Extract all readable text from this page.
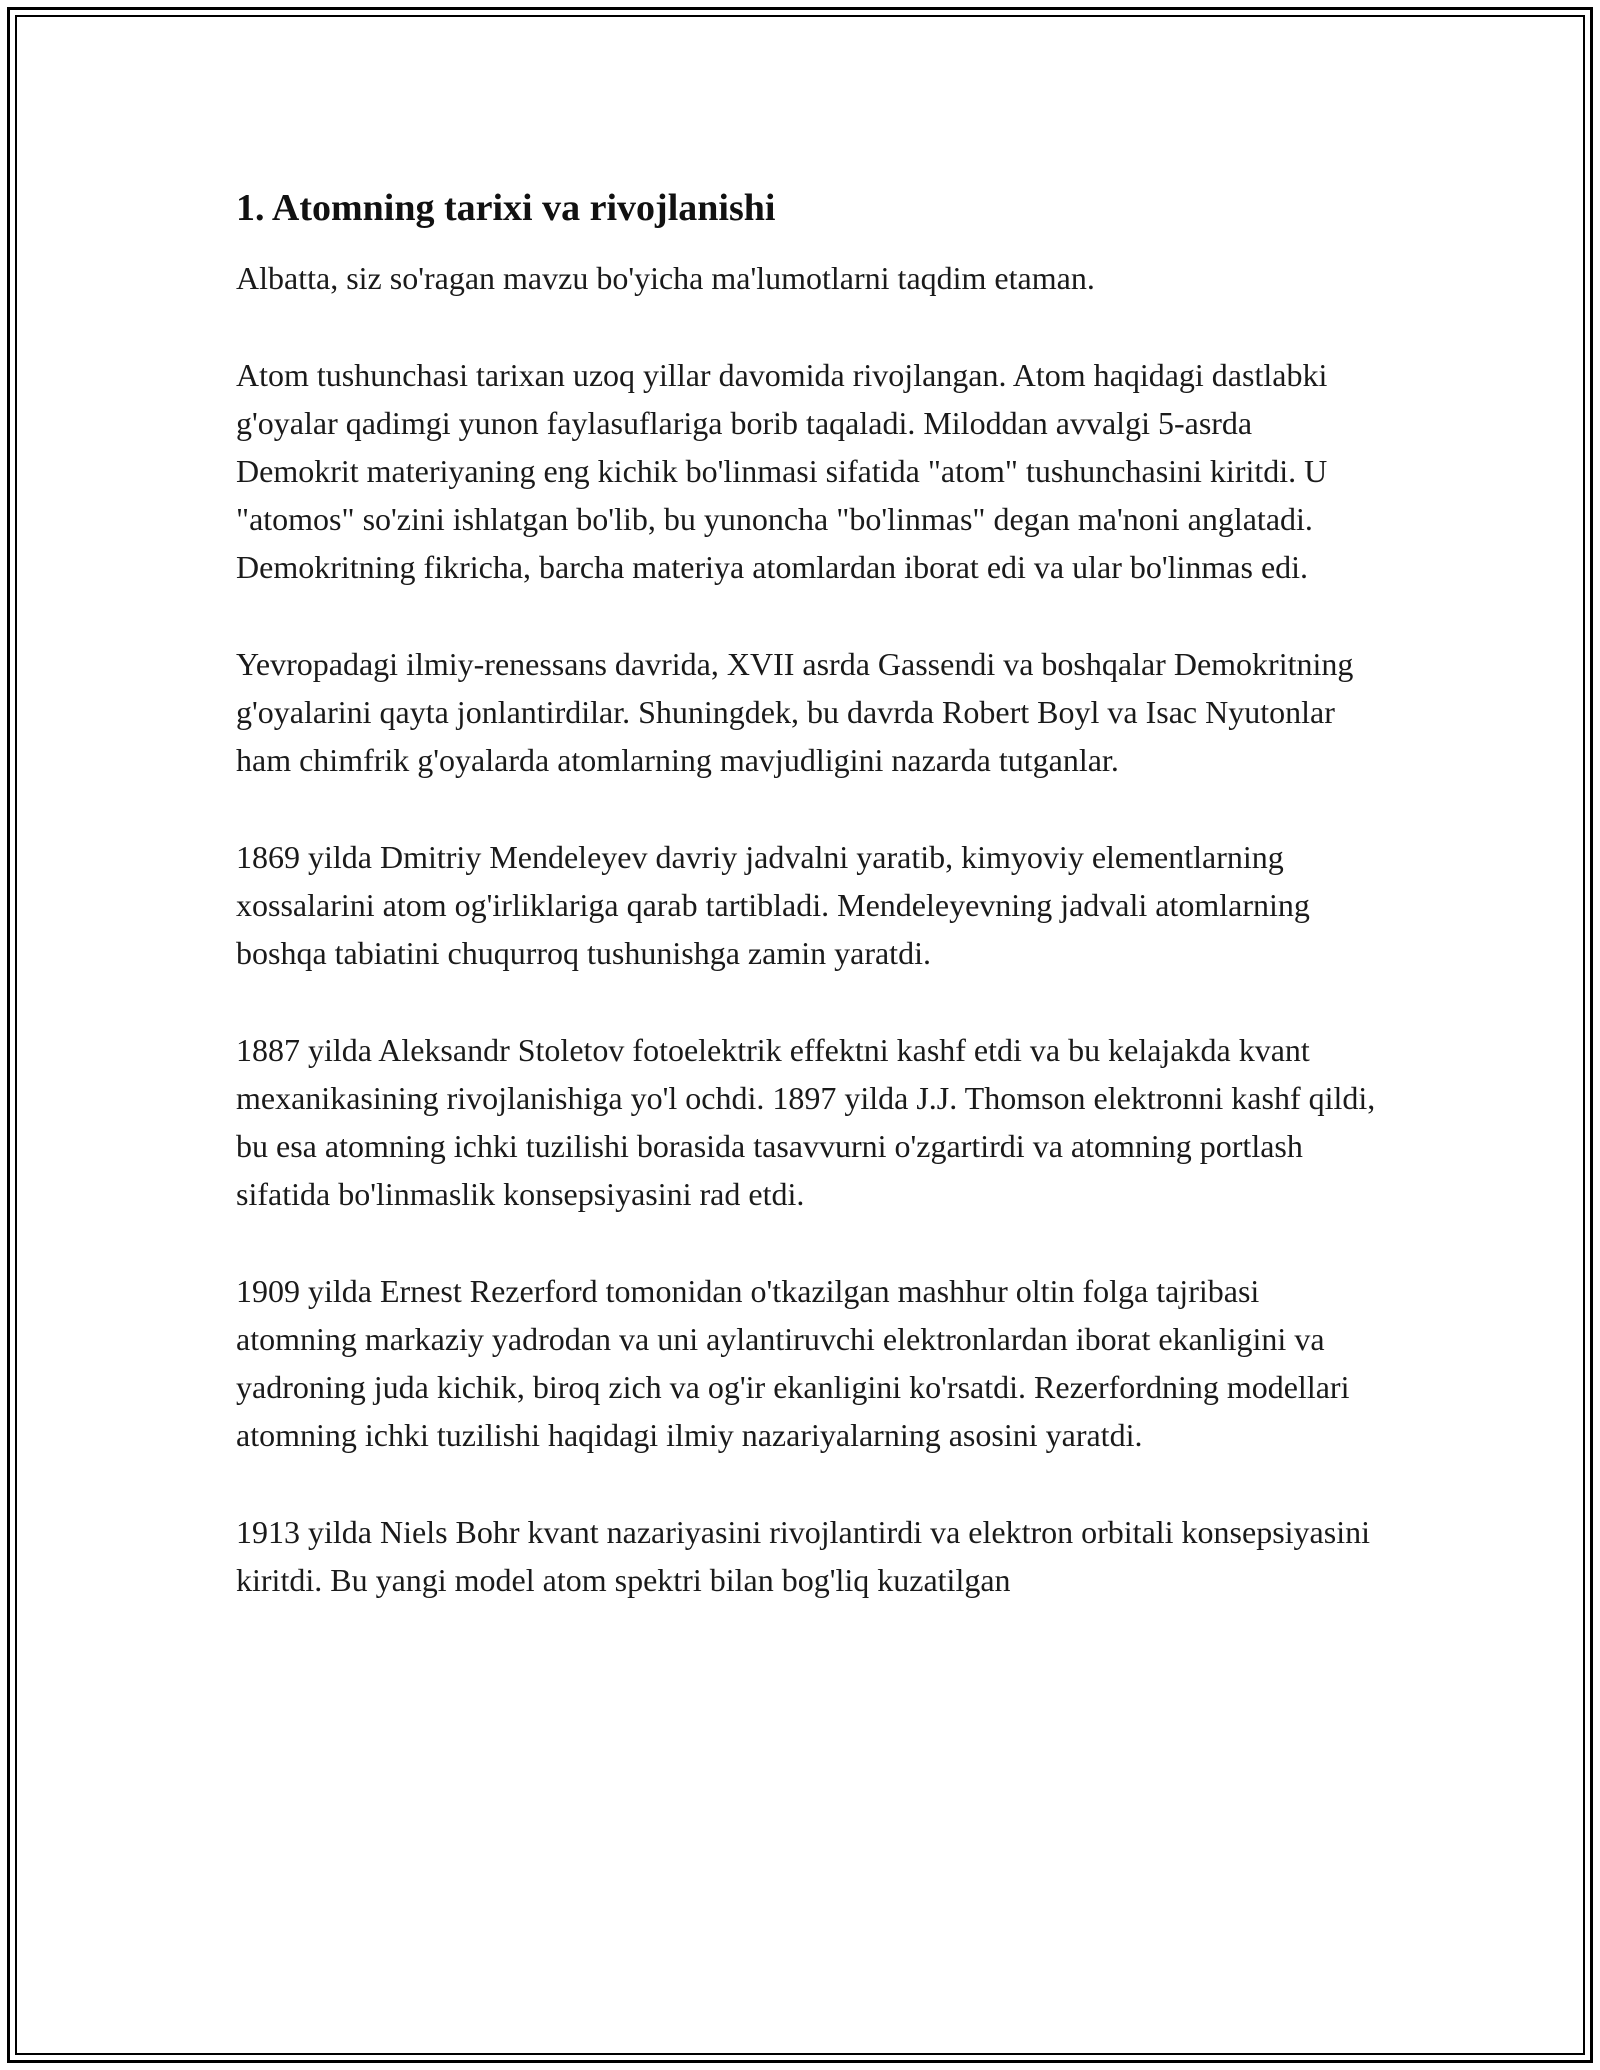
1. Atomning tarixi va rivojlanishi

Albatta, siz so'ragan mavzu bo'yicha ma'lumotlarni taqdim etaman.

Atom tushunchasi tarixan uzoq yillar davomida rivojlangan. Atom haqidagi dastlabki g'oyalar qadimgi yunon faylasuflariga borib taqaladi. Miloddan avvalgi 5-asrda Demokrit materiyaning eng kichik bo'linmasi sifatida "atom" tushunchasini kiritdi. U "atomos" so'zini ishlatgan bo'lib, bu yunoncha "bo'linmas" degan ma'noni anglatadi. Demokritning fikricha, barcha materiya atomlardan iborat edi va ular bo'linmas edi.

Yevropadagi ilmiy-renessans davrida, XVII asrda Gassendi va boshqalar Demokritning g'oyalarini qayta jonlantirdilar. Shuningdek, bu davrda Robert Boyl va Isac Nyutonlar ham chimfrik g'oyalarda atomlarning mavjudligini nazarda tutganlar.

1869 yilda Dmitriy Mendeleyev davriy jadvalni yaratib, kimyoviy elementlarning xossalarini atom og'irliklariga qarab tartibladi. Mendeleyevning jadvali atomlarning boshqa tabiatini chuqurroq tushunishga zamin yaratdi.

1887 yilda Aleksandr Stoletov fotoelektrik effektni kashf etdi va bu kelajakda kvant mexanikasining rivojlanishiga yo'l ochdi. 1897 yilda J.J. Thomson elektronni kashf qildi, bu esa atomning ichki tuzilishi borasida tasavvurni o'zgartirdi va atomning portlash sifatida bo'linmaslik konsepsiyasini rad etdi.

1909 yilda Ernest Rezerford tomonidan o'tkazilgan mashhur oltin folga tajribasi atomning markaziy yadrodan va uni aylantiruvchi elektronlardan iborat ekanligini va yadroning juda kichik, biroq zich va og'ir ekanligini ko'rsatdi. Rezerfordning modellari atomning ichki tuzilishi haqidagi ilmiy nazariyalarning asosini yaratdi.

1913 yilda Niels Bohr kvant nazariyasini rivojlantirdi va elektron orbitali konsepsiyasini kiritdi. Bu yangi model atom spektri bilan bog'liq kuzatilgan
